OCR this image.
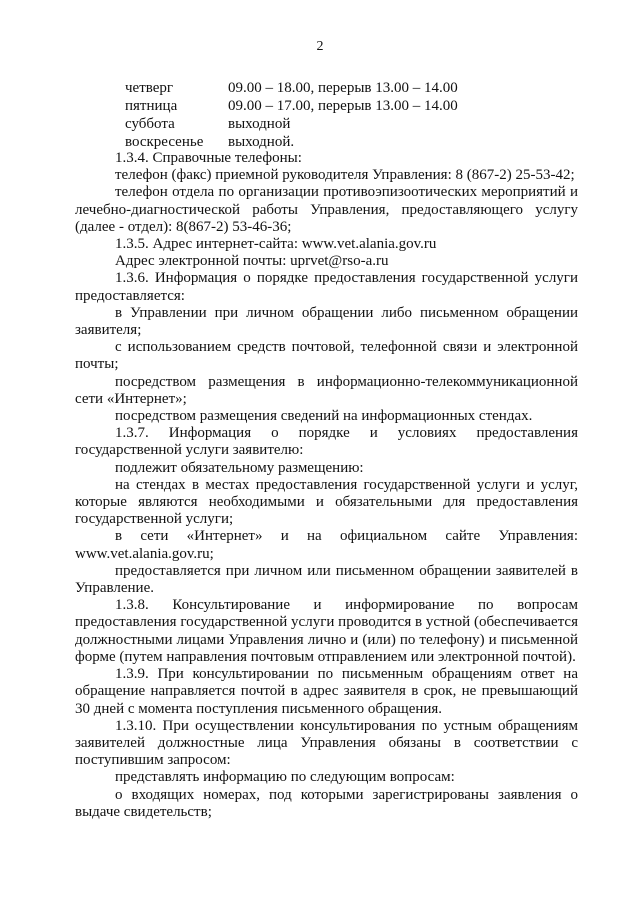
2
четверг	09.00 – 18.00, перерыв 13.00 – 14.00
пятница	09.00 – 17.00, перерыв 13.00 – 14.00
суббота	выходной
воскресенье	выходной.

1.3.4. Справочные телефоны:

телефон (факс) приемной руководителя Управления: 8 (867-2) 25-53-42;

телефон отдела по организации противоэпизоотических мероприятий и лечебно-диагностической работы Управления, предоставляющего услугу (далее - отдел): 8(867-2) 53-46-36;

1.3.5. Адрес интернет-сайта: www.vet.alania.gov.ru

Адрес электронной почты: uprvet@rso-a.ru

1.3.6. Информация о порядке предоставления государственной услуги предоставляется:

в Управлении при личном обращении либо письменном обращении заявителя;

с использованием средств почтовой, телефонной связи и электронной почты;

посредством размещения в информационно-телекоммуникационной сети «Интернет»;

посредством размещения сведений на информационных стендах.

1.3.7. Информация о порядке и условиях предоставления государственной услуги заявителю:

подлежит обязательному размещению:

на стендах в местах предоставления государственной услуги и услуг, которые являются необходимыми и обязательными для предоставления государственной услуги;

в сети «Интернет» и на официальном сайте Управления: www.vet.alania.gov.ru;

предоставляется при личном или письменном обращении заявителей в Управление.

1.3.8. Консультирование и информирование по вопросам предоставления государственной услуги проводится в устной (обеспечивается должностными лицами Управления лично и (или) по телефону) и письменной форме (путем направления почтовым отправлением или электронной почтой).

1.3.9. При консультировании по письменным обращениям ответ на обращение направляется почтой в адрес заявителя в срок, не превышающий 30 дней с момента поступления письменного обращения.

1.3.10. При осуществлении консультирования по устным обращениям заявителей должностные лица Управления обязаны в соответствии с поступившим запросом:

представлять информацию по следующим вопросам:

о входящих номерах, под которыми зарегистрированы заявления о выдаче свидетельств;
